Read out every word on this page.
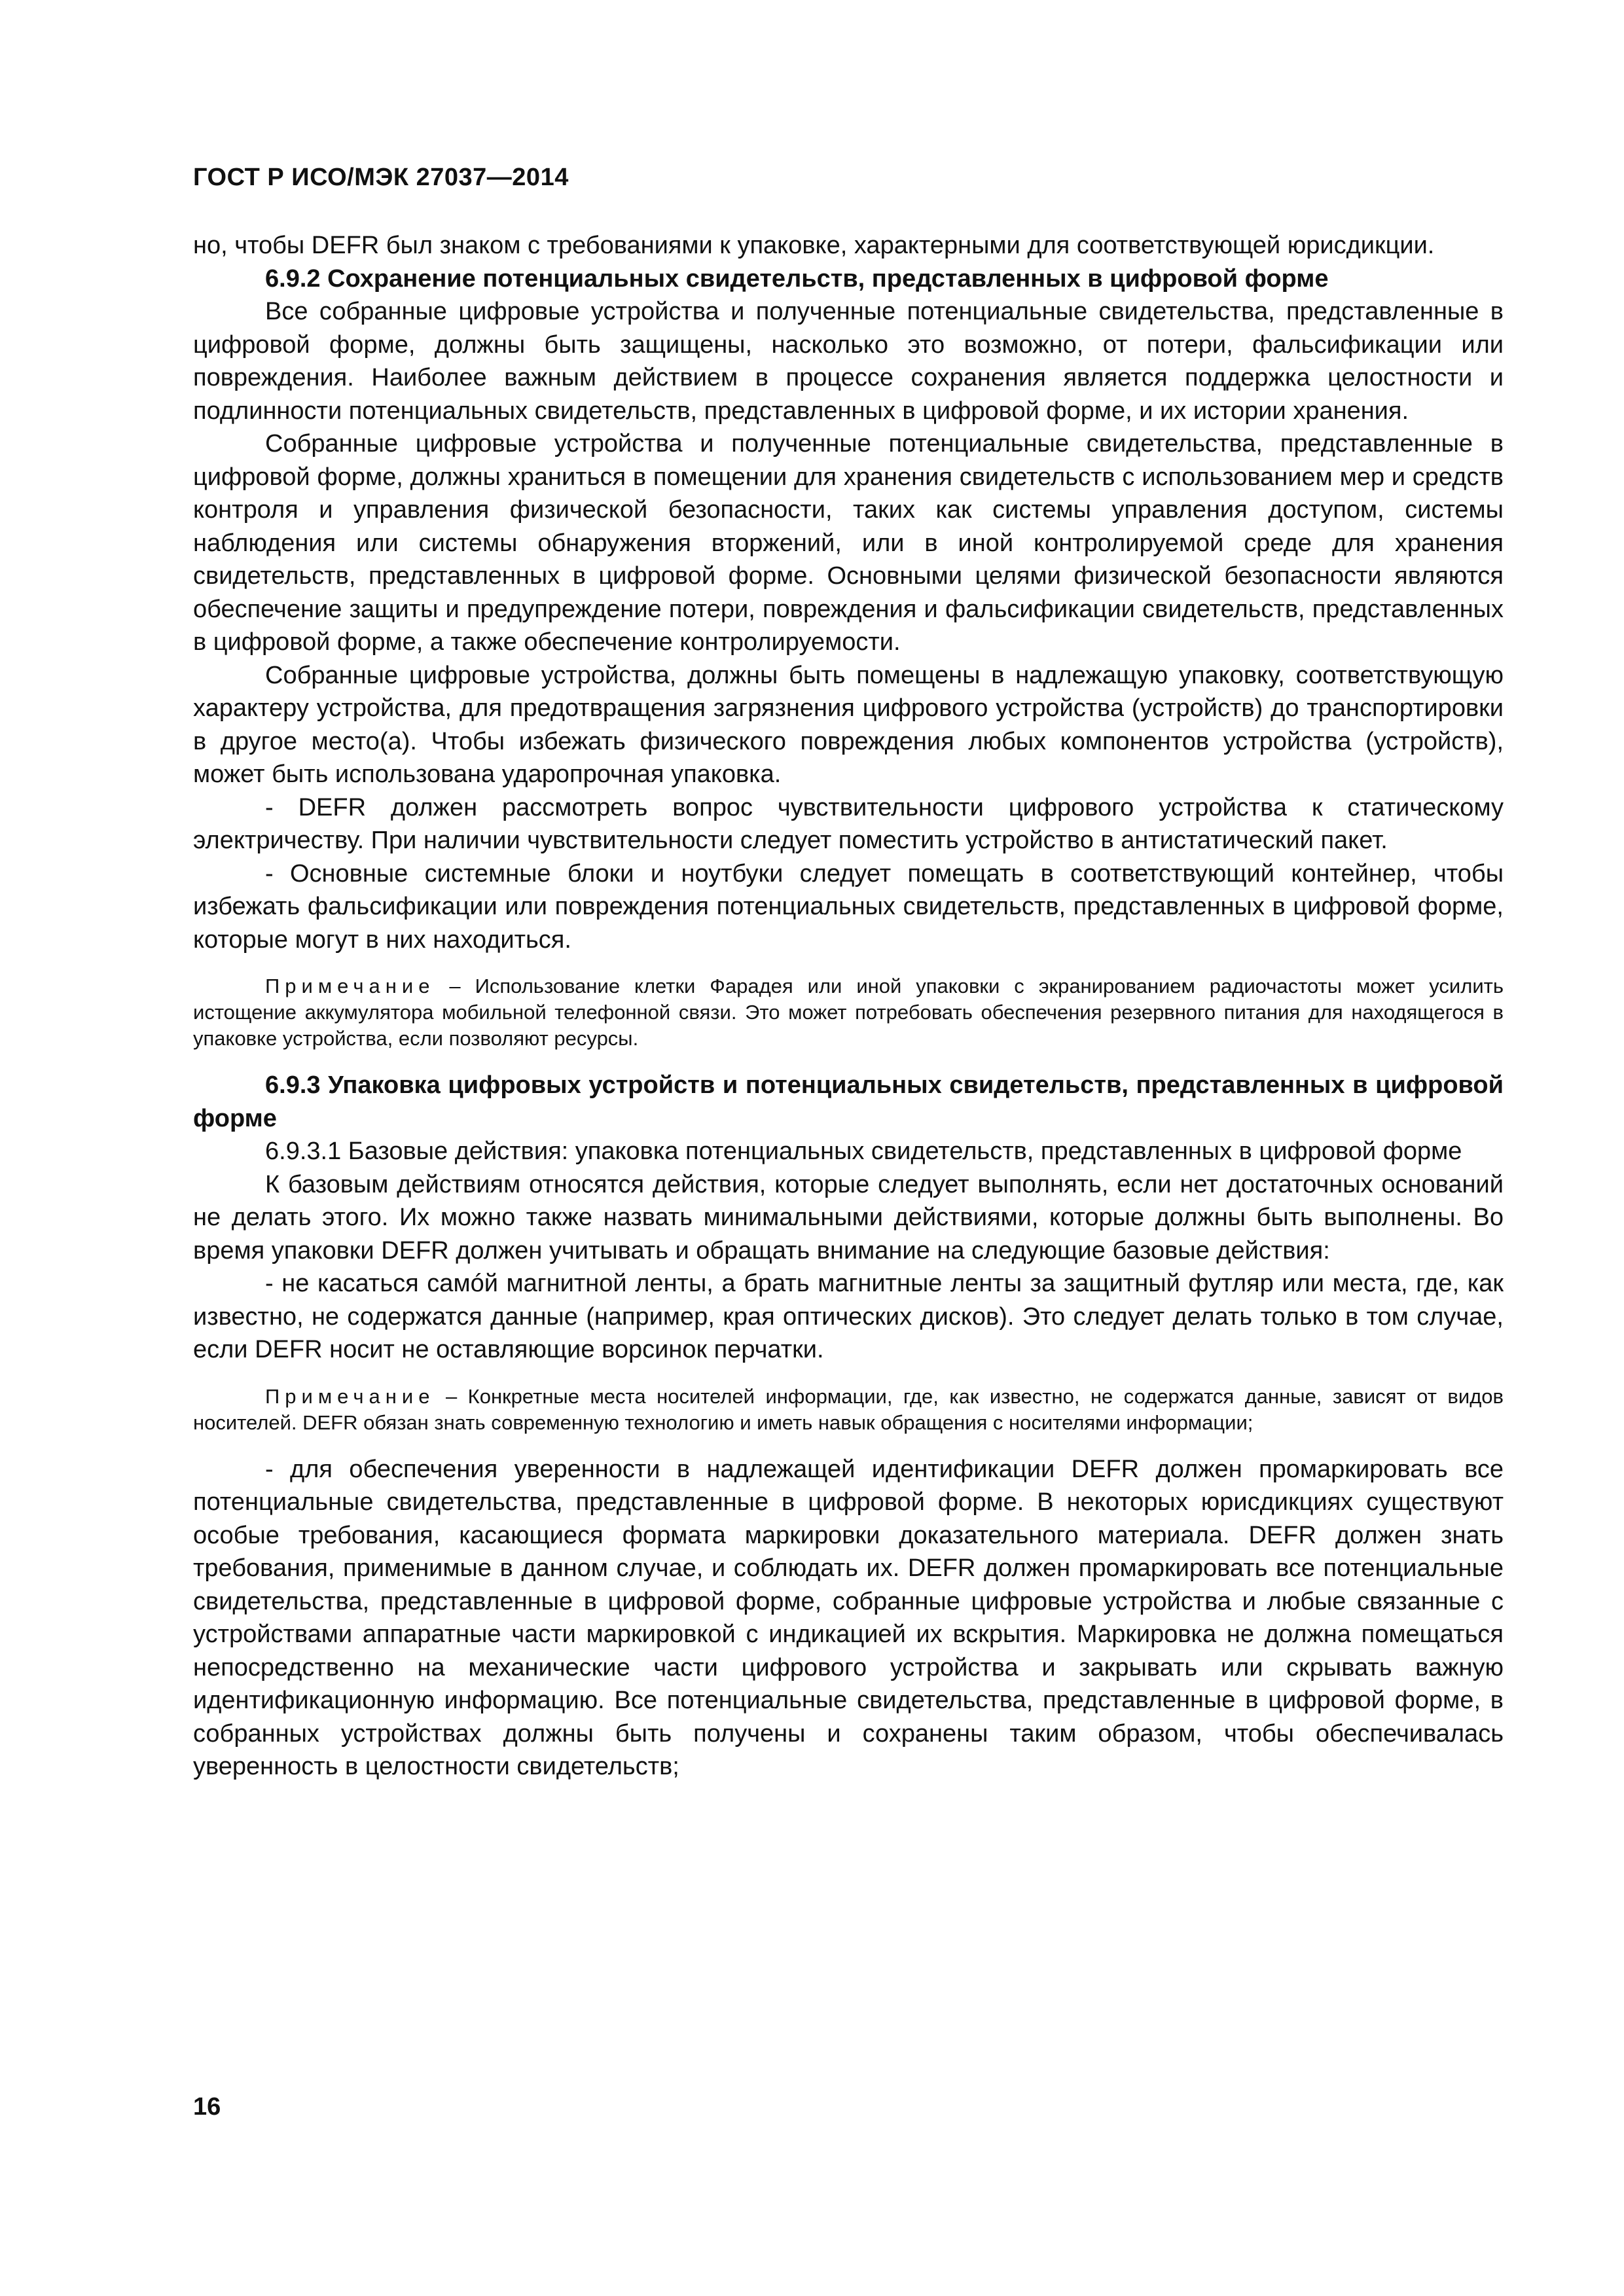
ГОСТ Р ИСО/МЭК 27037—2014

но, чтобы DEFR был знаком с требованиями к упаковке, характерными для соответствующей юрисдикции.

6.9.2 Сохранение потенциальных свидетельств, представленных в цифровой форме

Все собранные цифровые устройства и полученные потенциальные свидетельства, представленные в цифровой форме, должны быть защищены, насколько это возможно, от потери, фальсификации или повреждения. Наиболее важным действием в процессе сохранения является поддержка целостности и подлинности потенциальных свидетельств, представленных в цифровой форме, и их истории хранения.

Собранные цифровые устройства и полученные потенциальные свидетельства, представленные в цифровой форме, должны храниться в помещении для хранения свидетельств с использованием мер и средств контроля и управления физической безопасности, таких как системы управления доступом, системы наблюдения или системы обнаружения вторжений, или в иной контролируемой среде для хранения свидетельств, представленных в цифровой форме. Основными целями физической безопасности являются обеспечение защиты и предупреждение потери, повреждения и фальсификации свидетельств, представленных в цифровой форме, а также обеспечение контролируемости.

Собранные цифровые устройства, должны быть помещены в надлежащую упаковку, соответствующую характеру устройства, для предотвращения загрязнения цифрового устройства (устройств) до транспортировки в другое место(а). Чтобы избежать физического повреждения любых компонентов устройства (устройств), может быть использована ударопрочная упаковка.

- DEFR должен рассмотреть вопрос чувствительности цифрового устройства к статическому электричеству. При наличии чувствительности следует поместить устройство в антистатический пакет.

- Основные системные блоки и ноутбуки следует помещать в соответствующий контейнер, чтобы избежать фальсификации или повреждения потенциальных свидетельств, представленных в цифровой форме, которые могут в них находиться.

Примечание – Использование клетки Фарадея или иной упаковки с экранированием радиочастоты может усилить истощение аккумулятора мобильной телефонной связи. Это может потребовать обеспечения резервного питания для находящегося в упаковке устройства, если позволяют ресурсы.
6.9.3 Упаковка цифровых устройств и потенциальных свидетельств, представленных в цифровой форме

6.9.3.1 Базовые действия: упаковка потенциальных свидетельств, представленных в цифровой форме

К базовым действиям относятся действия, которые следует выполнять, если нет достаточных оснований не делать этого. Их можно также назвать минимальными действиями, которые должны быть выполнены. Во время упаковки DEFR должен учитывать и обращать внимание на следующие базовые действия:

- не касаться самóй магнитной ленты, а брать магнитные ленты за защитный футляр или места, где, как известно, не содержатся данные (например, края оптических дисков). Это следует делать только в том случае, если DEFR носит не оставляющие ворсинок перчатки.

Примечание – Конкретные места носителей информации, где, как известно, не содержатся данные, зависят от видов носителей. DEFR обязан знать современную технологию и иметь навык обращения с носителями информации;

- для обеспечения уверенности в надлежащей идентификации DEFR должен промаркировать все потенциальные свидетельства, представленные в цифровой форме. В некоторых юрисдикциях существуют особые требования, касающиеся формата маркировки доказательного материала. DEFR должен знать требования, применимые в данном случае, и соблюдать их. DEFR должен промаркировать все потенциальные свидетельства, представленные в цифровой форме, собранные цифровые устройства и любые связанные с устройствами аппаратные части маркировкой с индикацией их вскрытия. Маркировка не должна помещаться непосредственно на механические части цифрового устройства и закрывать или скрывать важную идентификационную информацию. Все потенциальные свидетельства, представленные в цифровой форме, в собранных устройствах должны быть получены и сохранены таким образом, чтобы обеспечивалась уверенность в целостности свидетельств;

16
